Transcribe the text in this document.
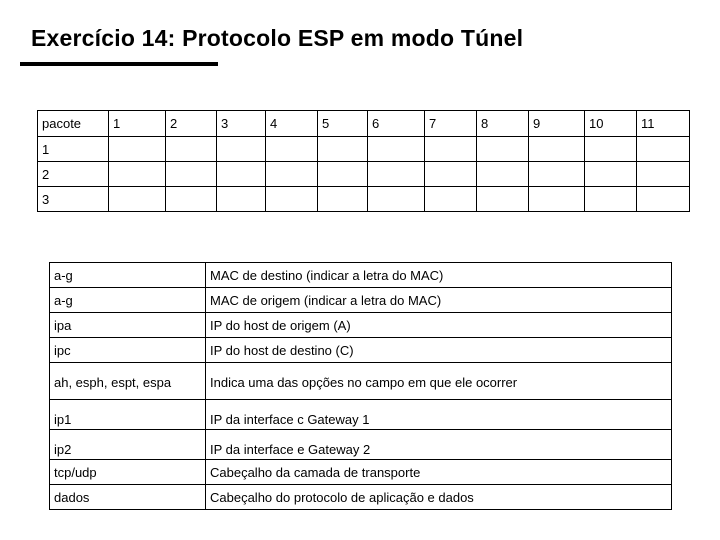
Exercício 14: Protocolo ESP em modo Túnel
pacote	1	2	3	4	5	6	7	8	9	10	11
1											
2											
3											
a-g	MAC de destino (indicar a letra do MAC)
a-g	MAC de origem (indicar a letra do MAC)
ipa	IP do host de origem (A)
ipc	IP do host de destino (C)
ah, esph, espt, espa	Indica uma das opções no campo em que ele ocorrer
ip1	IP da interface c Gateway 1
ip2	IP da interface e Gateway 2
tcp/udp	Cabeçalho da camada de transporte
dados	Cabeçalho do protocolo de aplicação e dados
